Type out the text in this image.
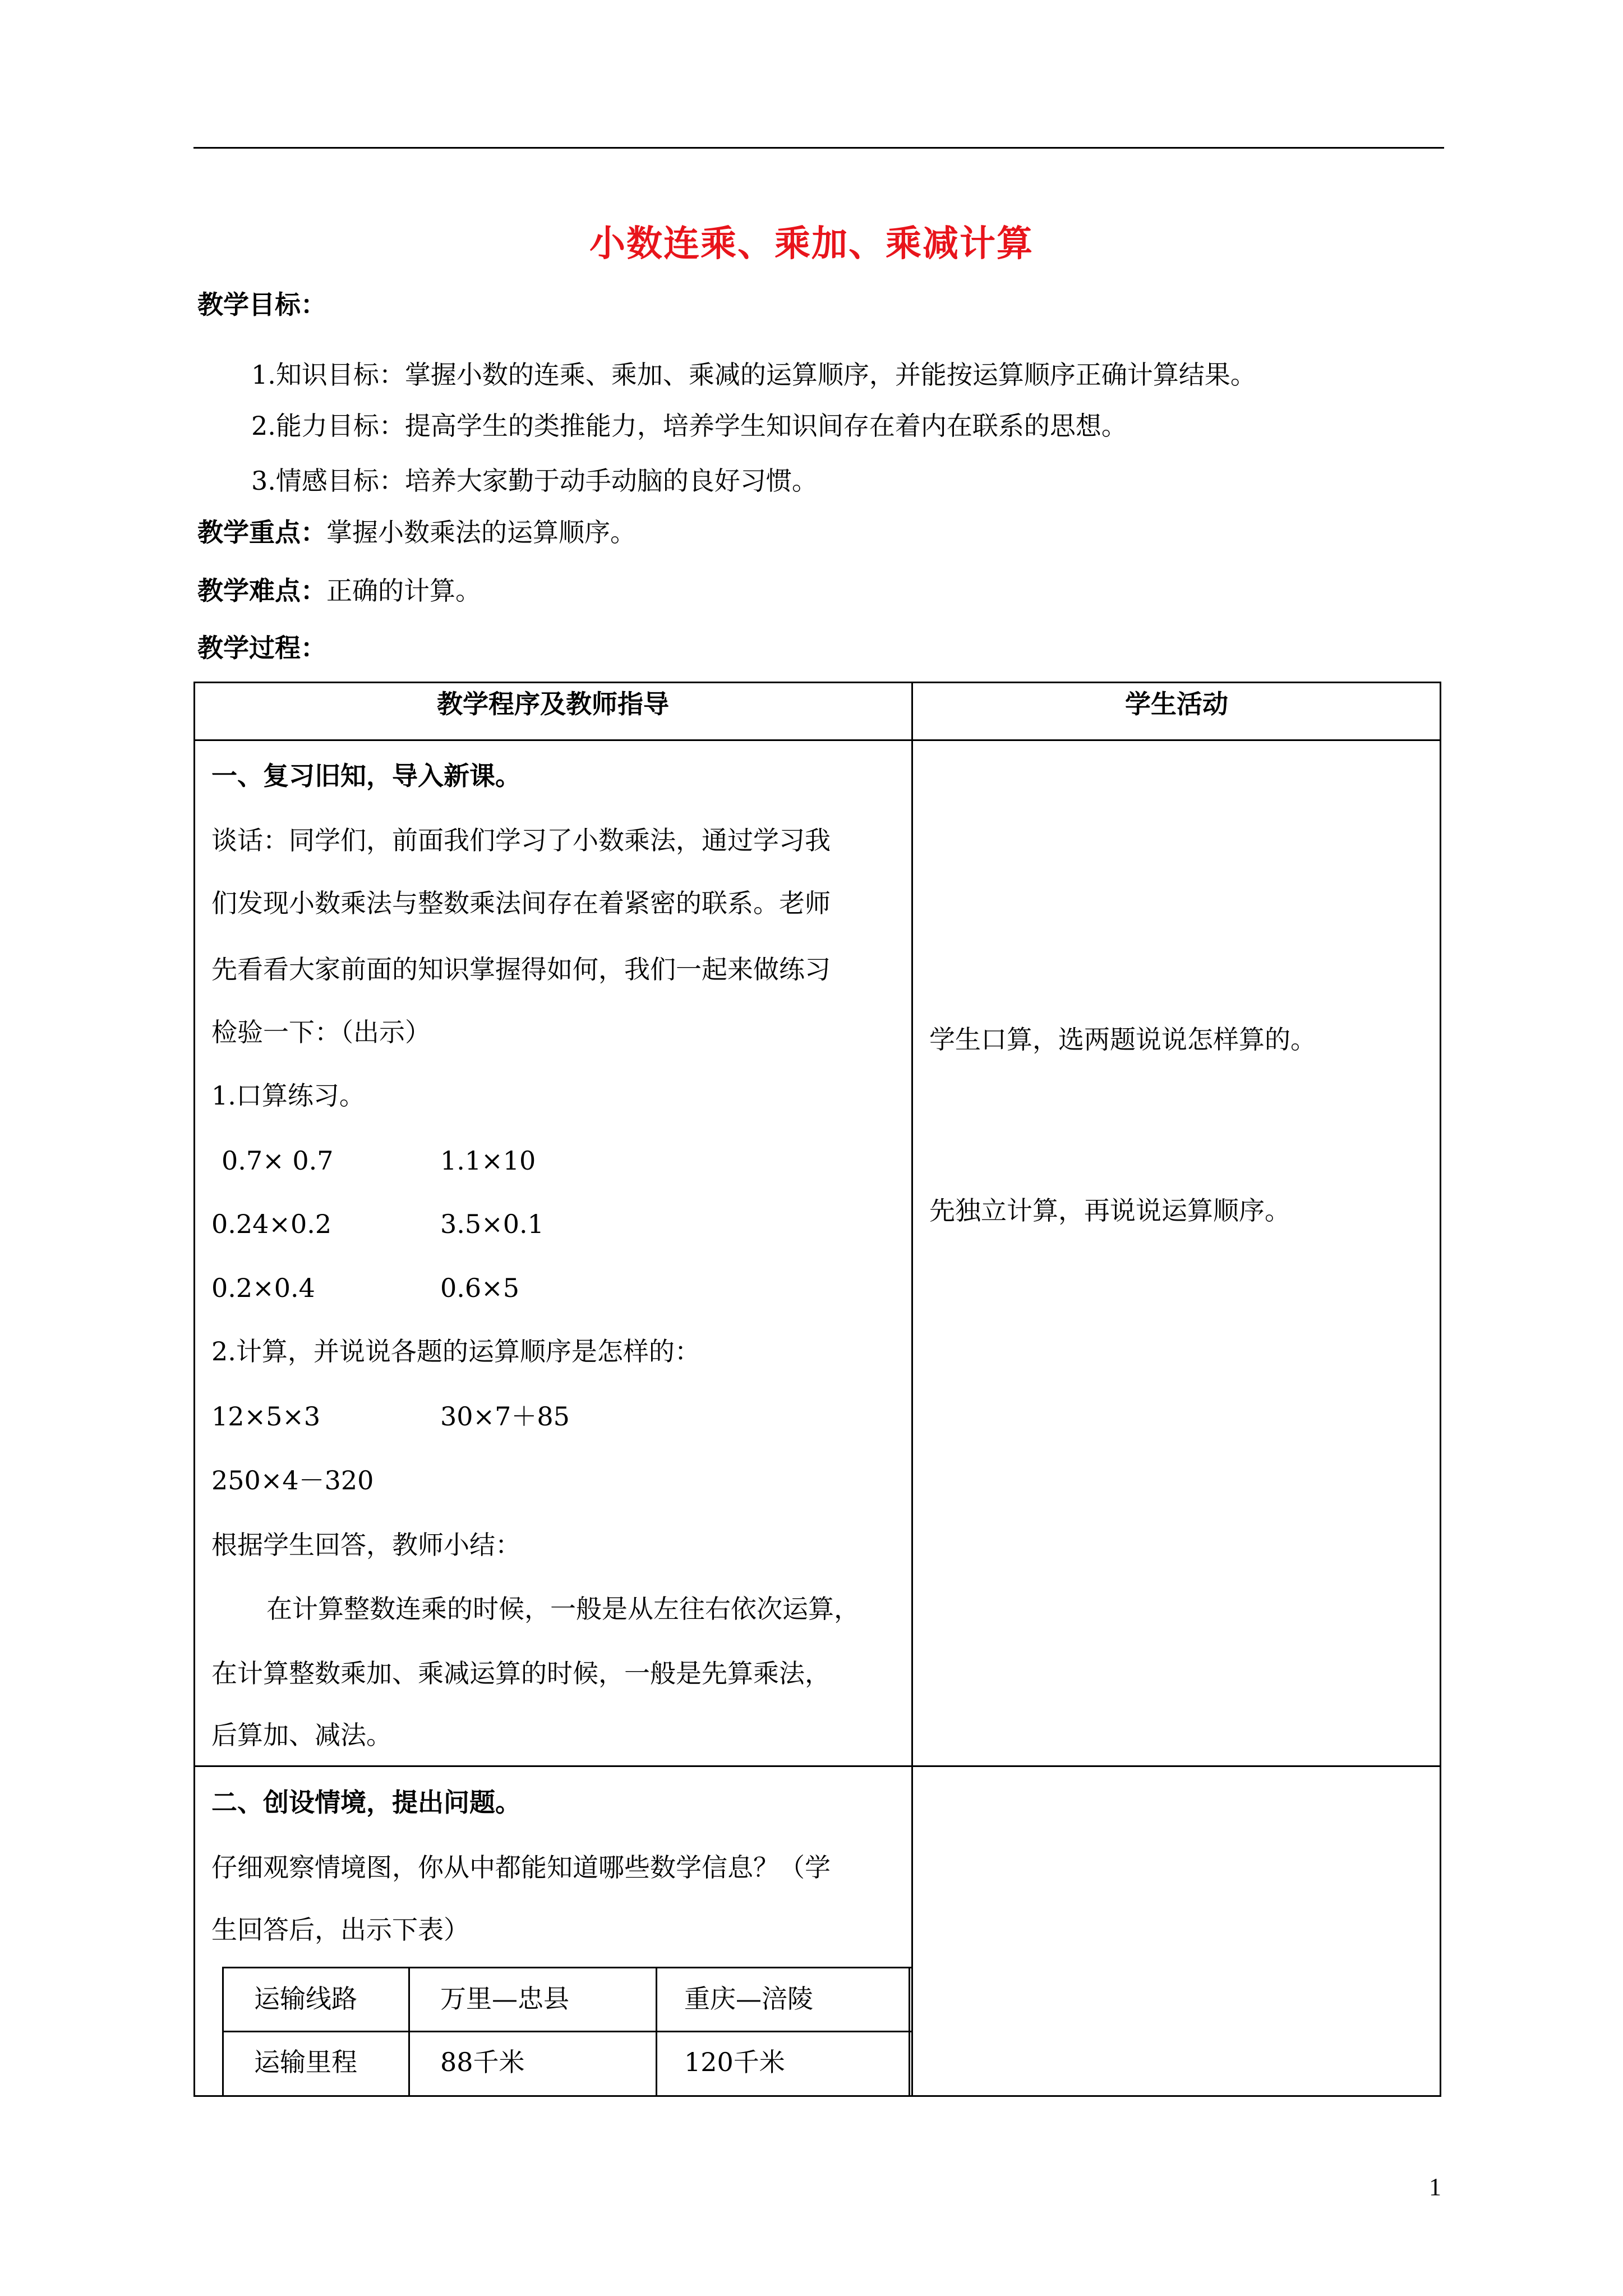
小数连乘、乘加、乘减计算
教学目标：
1.知识目标：掌握小数的连乘、乘加、乘减的运算顺序，并能按运算顺序正确计算结果。
2.能力目标：提高学生的类推能力，培养学生知识间存在着内在联系的思想。
3.情感目标：培养大家勤于动手动脑的良好习惯。
教学重点：掌握小数乘法的运算顺序。
教学难点：正确的计算。
教学过程：
教学程序及教师指导	学生活动
一、复习旧知，导入新课。
谈话：同学们，前面我们学习了小数乘法，通过学习我
们发现小数乘法与整数乘法间存在着紧密的联系。老师
先看看大家前面的知识掌握得如何，我们一起来做练习
检验一下：（出示）
1.口算练习。
0.7× 0.7	1.1×10
0.24×0.2	3.5×0.1
0.2×0.4	0.6×5
2.计算，并说说各题的运算顺序是怎样的：
12×5×3	30×7＋85
250×4－320
根据学生回答，教师小结：
在计算整数连乘的时候，一般是从左往右依次运算，
在计算整数乘加、乘减运算的时候，一般是先算乘法，
后算加、减法。
学生口算，选两题说说怎样算的。
先独立计算，再说说运算顺序。
二、创设情境，提出问题。
仔细观察情境图，你从中都能知道哪些数学信息？（学
生回答后，出示下表）
运输线路	万里—忠县	重庆—涪陵
运输里程	88千米	120千米
1
